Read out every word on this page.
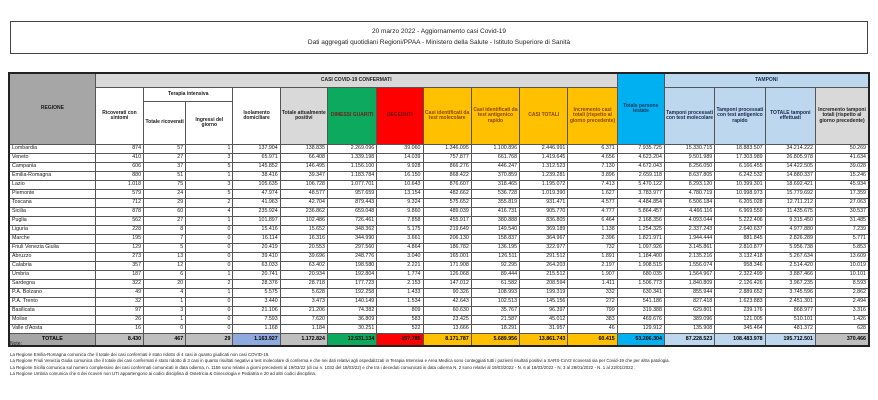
20 marzo 2022 - Aggiornamento casi Covid-19
Dati aggregati quotidiani Regioni/PPAA - Ministero della Salute - Istituto Superiore di Sanità
REGIONE	CASI COVID-19 CONFERMATI											Totale persone testate	TAMPONI			
	Ricoverati con sintomi	Terapia intensiva		Isolamento domiciliare	Totale attualmente positivi	DIMESSI GUARITI	DECEDUTI	Casi identificati da test molecolare	Casi identificati da test antigenico rapido	CASI TOTALI	Incremento casi totali (rispetto al giorno precedente)		Tamponi processati con test molecolare	Tamponi processati con test antigenico rapido	TOTALE tamponi effettuati	Incremento tamponi totali (rispetto al giorno precedente)
		Totale ricoverati	Ingressi del giorno													
Lombardia	874	57	1	137.904	138.835	2.269.096	39.060	1.346.095	1.100.896	2.446.991	6.371	7.935.725	15.330.715	18.883.507	34.214.222	50.269
Veneto	410	27	3	65.971	66.408	1.339.198	14.039	757.877	661.768	1.419.645	4.656	4.623.204	9.501.989	17.303.989	26.805.978	41.634
Campania	606	37	5	145.852	146.495	1.156.100	9.928	866.276	446.247	1.312.523	7.130	4.672.043	8.256.050	6.166.455	14.422.505	39.028
Emilia-Romagna	880	51	1	38.416	39.347	1.183.784	16.150	868.422	370.859	1.239.281	3.896	2.659.118	8.637.805	6.242.532	14.880.337	15.246
Lazio	1.018	75	3	105.635	106.728	1.077.701	10.643	876.607	318.465	1.195.072	7.413	5.470.122	8.293.120	10.399.301	18.692.421	45.934
Piemonte	579	24	5	47.974	48.577	957.659	13.154	482.662	536.728	1.019.390	1.627	3.783.977	4.780.719	10.998.973	15.779.692	17.359
Toscana	712	29	2	41.963	42.704	879.443	9.324	575.652	355.819	931.471	4.577	4.484.854	6.506.184	6.205.028	12.711.212	27.063
Sicilia	878	60	4	235.924	236.862	659.048	9.860	489.039	416.731	905.770	4.777	5.864.457	4.466.116	6.969.559	11.435.675	30.537
Puglia	562	27	1	101.897	102.486	726.461	7.858	455.917	380.888	836.805	6.464	2.168.356	4.093.044	5.222.406	9.315.450	31.485
Liguria	228	8	0	15.416	15.652	348.362	5.175	219.649	149.540	369.189	1.138	1.254.325	2.337.243	2.640.637	4.977.880	7.239
Marche	195	7	0	16.114	16.316	344.990	3.661	206.130	158.837	364.967	2.396	1.821.971	1.944.444	881.845	2.826.289	5.771
Friuli Venezia Giulia	129	5	0	20.419	20.553	297.560	4.864	186.782	136.195	322.977	732	1.097.926	3.145.861	2.810.877	5.956.738	5.853
Abruzzo	273	13	0	39.410	39.696	248.776	3.040	165.001	126.511	291.512	1.891	1.184.400	2.135.216	3.132.418	5.267.634	13.609
Calabria	357	12	0	63.033	63.402	198.580	2.221	171.908	92.295	264.203	2.197	1.908.515	1.556.074	958.346	2.514.420	10.019
Umbria	187	6	1	20.741	20.934	192.804	1.774	126.068	89.444	215.512	1.907	680.035	1.564.967	2.322.499	3.887.466	10.101
Sardegna	322	20	2	28.376	28.718	177.723	2.153	147.012	61.582	208.594	1.411	1.506.773	1.840.809	2.126.426	3.967.235	8.593
P.A. Bolzano	49	4	1	5.575	5.628	192.258	1.433	90.326	108.993	199.319	332	630.341	855.944	2.889.652	3.745.596	2.862
P.A. Trento	32	1	0	3.440	3.473	140.149	1.534	42.643	102.513	145.156	272	541.186	827.418	1.623.883	2.451.301	2.494
Basilicata	97	3	0	21.106	21.206	74.382	809	60.630	35.767	96.397	799	319.388	629.801	239.176	868.977	3.316
Molise	26	1	0	7.593	7.620	36.809	583	23.425	21.587	45.012	383	469.676	389.096	121.005	510.101	1.426
Valle d'Aosta	16	0	0	1.168	1.184	30.251	522	13.666	18.291	31.957	46	129.912	135.908	345.464	481.372	628
TOTALE	8.430	467	29	1.163.927	1.172.824	12.531.134	157.785	8.171.787	5.689.956	13.861.743	60.415	53.206.304	87.228.523	108.483.978	195.712.501	370.466
Note:
La Regione Emilia-Romagna comunica che il totale dei casi confermati è stato ridotto di 4 casi in quanto giudicati non casi COVID-19.
La Regione Friuli Venezia Giulia comunica che il totale dei casi confermati è stato ridotto di 3 casi in quanto risultati negativi a test molecolare di conferma e che nei dati relativi agli ospedalizzati in Terapia Intensiva e Area Medica sono conteggiati tutti i pazienti risultati positivi a SARS-CoV2 ricoverati sia per Covid-19 che per altra patologia.
La Regione Sicilia comunica sul numero complessivo dei casi confermati comunicati in data odierna, n. 1156 sono relativi a giorni precedenti al 19/03/22 (di cui n. 1032 del 18/03/22) e che tra i deceduti comunicati in data odierna N. 2 sono relativi al 19/03/2022 - N. 6 al 18/03/2022 - N. 3 al 28/01/2022 - N. 1 al 22/01/2022 .
La Regione Umbria comunica che 6 dei ricoveri non UTI appartengono ai codici disciplina di Ostetricia & Ginecologia e Pediatria e 20 ad altri codici disciplina.
